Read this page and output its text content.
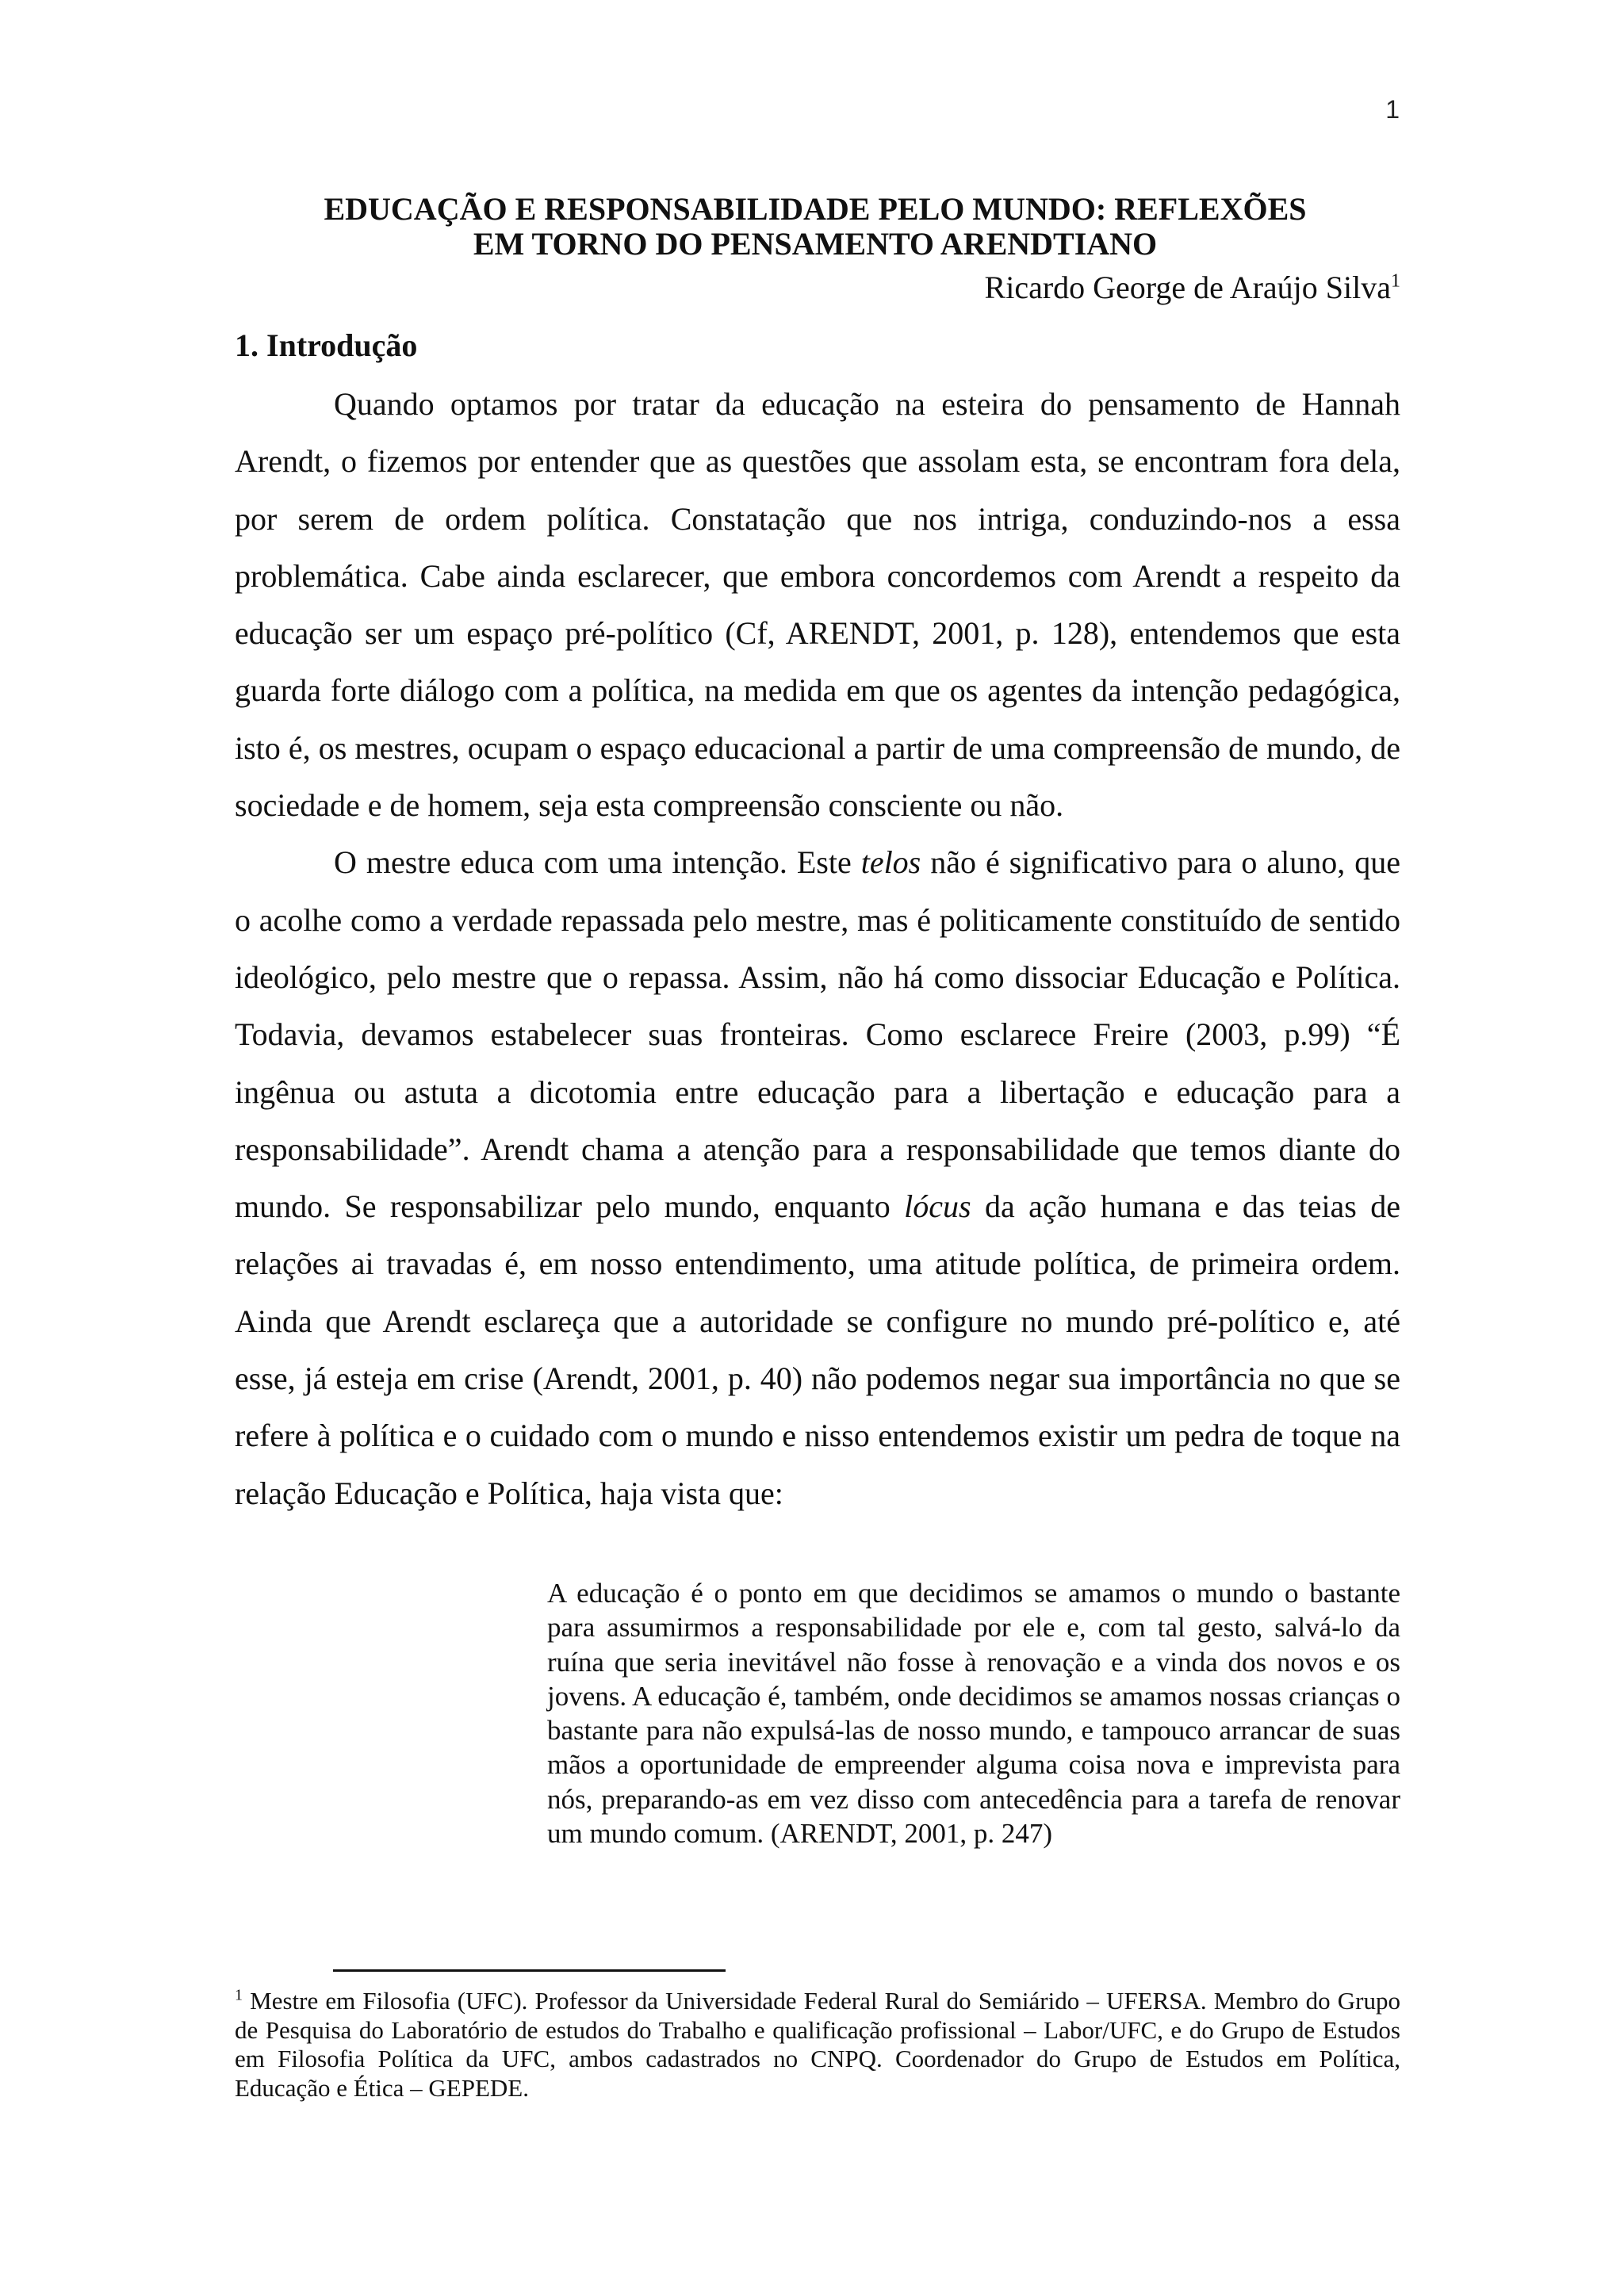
1
EDUCAÇÃO E RESPONSABILIDADE PELO MUNDO: REFLEXÕES
EM TORNO DO PENSAMENTO ARENDTIANO
Ricardo George de Araújo Silva$^1$
1. Introdução

Quando optamos por tratar da educação na esteira do pensamento de Hannah Arendt, o fizemos por entender que as questões que assolam esta, se encontram fora dela, por serem de ordem política. Constatação que nos intriga, conduzindo-nos a essa problemática. Cabe ainda esclarecer, que embora concordemos com Arendt a respeito da educação ser um espaço pré-político (Cf, ARENDT, 2001, p. 128), entendemos que esta guarda forte diálogo com a política, na medida em que os agentes da intenção pedagógica, isto é, os mestres, ocupam o espaço educacional a partir de uma compreensão de mundo, de sociedade e de homem, seja esta compreensão consciente ou não.

O mestre educa com uma intenção. Este telos não é significativo para o aluno, que o acolhe como a verdade repassada pelo mestre, mas é politicamente constituído de sentido ideológico, pelo mestre que o repassa. Assim, não há como dissociar Educação e Política. Todavia, devamos estabelecer suas fronteiras. Como esclarece Freire (2003, p.99) “É ingênua ou astuta a dicotomia entre educação para a libertação e educação para a responsabilidade”. Arendt chama a atenção para a responsabilidade que temos diante do mundo. Se responsabilizar pelo mundo, enquanto lócus da ação humana e das teias de relações ai travadas é, em nosso entendimento, uma atitude política, de primeira ordem. Ainda que Arendt esclareça que a autoridade se configure no mundo pré-político e, até esse, já esteja em crise (Arendt, 2001, p. 40) não podemos negar sua importância no que se refere à política e o cuidado com o mundo e nisso entendemos existir um pedra de toque na relação Educação e Política, haja vista que:

A educação é o ponto em que decidimos se amamos o mundo o bastante para assumirmos a responsabilidade por ele e, com tal gesto, salvá-lo da ruína que seria inevitável não fosse à renovação e a vinda dos novos e os jovens. A educação é, também, onde decidimos se amamos nossas crianças o bastante para não expulsá-las de nosso mundo, e tampouco arrancar de suas mãos a oportunidade de empreender alguma coisa nova e imprevista para nós, preparando-as em vez disso com antecedência para a tarefa de renovar um mundo comum. (ARENDT, 2001, p. 247)

$^1$ Mestre em Filosofia (UFC). Professor da Universidade Federal Rural do Semiárido – UFERSA. Membro do Grupo de Pesquisa do Laboratório de estudos do Trabalho e qualificação profissional – Labor/UFC, e do Grupo de Estudos em Filosofia Política da UFC, ambos cadastrados no CNPQ. Coordenador do Grupo de Estudos em Política, Educação e Ética – GEPEDE.
